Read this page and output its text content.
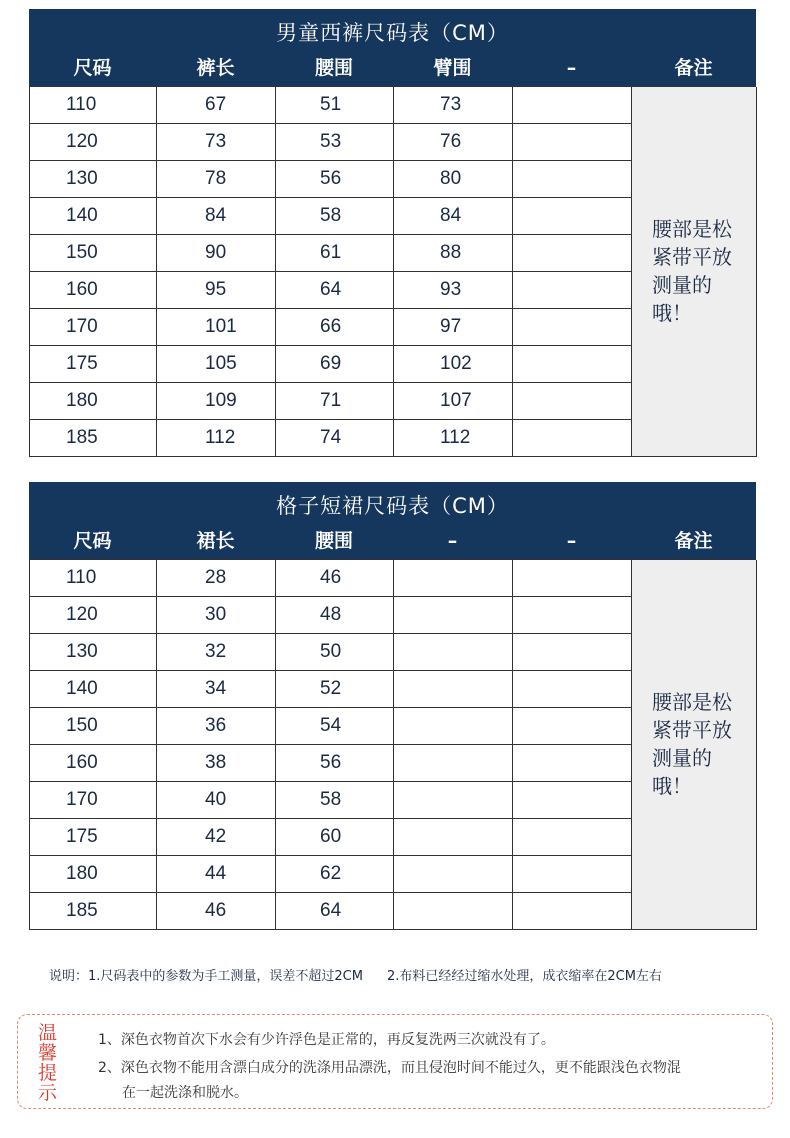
男童西裤尺码表（CM）
尺码	裤长	腰围	臂围	–	备注
110	67	51	73
120	73	53	76
130	78	56	80
140	84	58	84
150	90	61	88
160	95	64	93
170	101	66	97
175	105	69	102
180	109	71	107
185	112	74	112
腰部是松紧带平放测量的哦！
格子短裙尺码表（CM）
尺码	裙长	腰围	–	–	备注
110	28	46
120	30	48
130	32	50
140	34	52
150	36	54
160	38	56
170	40	58
175	42	60
180	44	62
185	46	64
腰部是松紧带平放测量的哦！
说明：1.尺码表中的参数为手工测量，误差不超过2CM 2.布料已经经过缩水处理，成衣缩率在2CM左右
温馨提示
1、深色衣物首次下水会有少许浮色是正常的，再反复洗两三次就没有了。
2、深色衣物不能用含漂白成分的洗涤用品漂洗，而且侵泡时间不能过久，更不能跟浅色衣物混
在一起洗涤和脱水。
